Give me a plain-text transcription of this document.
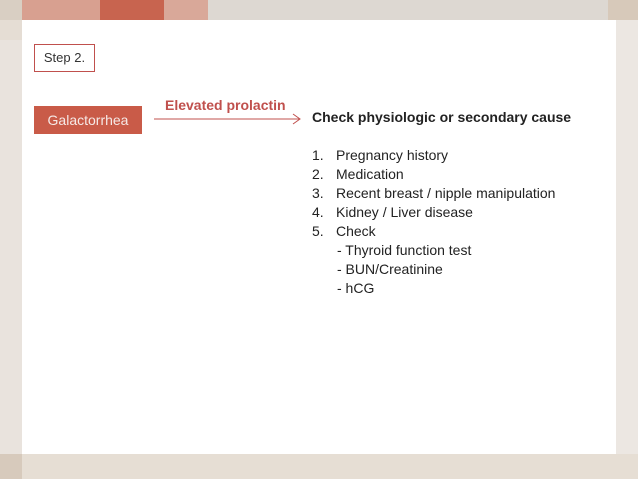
Step 2.
Galactorrhea
Elevated prolactin
Check physiologic or secondary cause
1. Pregnancy history
2. Medication
3. Recent breast / nipple manipulation
4. Kidney / Liver disease
5. Check
- Thyroid function test
- BUN/Creatinine
- hCG
